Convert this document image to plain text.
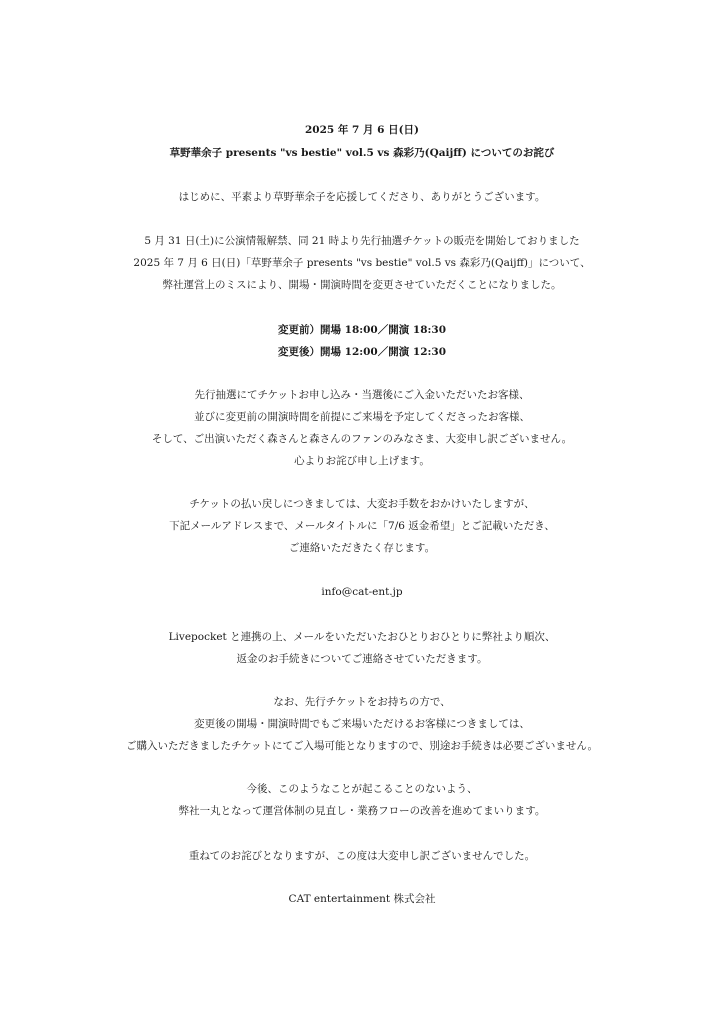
2025 年 7 月 6 日(日)
草野華余子 presents "vs bestie" vol.5 vs 森彩乃(Qaijff) についてのお詫び
はじめに、平素より草野華余子を応援してくださり、ありがとうございます。
5 月 31 日(土)に公演情報解禁、同 21 時より先行抽選チケットの販売を開始しておりました
2025 年 7 月 6 日(日)「草野華余子 presents "vs bestie" vol.5 vs 森彩乃(Qaijff)」について、
弊社運営上のミスにより、開場・開演時間を変更させていただくことになりました。
変更前）開場 18:00／開演 18:30
変更後）開場 12:00／開演 12:30
先行抽選にてチケットお申し込み・当選後にご入金いただいたお客様、
並びに変更前の開演時間を前提にご来場を予定してくださったお客様、
そして、ご出演いただく森さんと森さんのファンのみなさま、大変申し訳ございません。
心よりお詫び申し上げます。
チケットの払い戻しにつきましては、大変お手数をおかけいたしますが、
下記メールアドレスまで、メールタイトルに「7/6 返金希望」とご記載いただき、
ご連絡いただきたく存じます。
info@cat-ent.jp
Livepocket と連携の上、メールをいただいたおひとりおひとりに弊社より順次、
返金のお手続きについてご連絡させていただきます。
なお、先行チケットをお持ちの方で、
変更後の開場・開演時間でもご来場いただけるお客様につきましては、
ご購入いただきましたチケットにてご入場可能となりますので、別途お手続きは必要ございません。
今後、このようなことが起こることのないよう、
弊社一丸となって運営体制の見直し・業務フローの改善を進めてまいります。
重ねてのお詫びとなりますが、この度は大変申し訳ございませんでした。
CAT entertainment 株式会社
